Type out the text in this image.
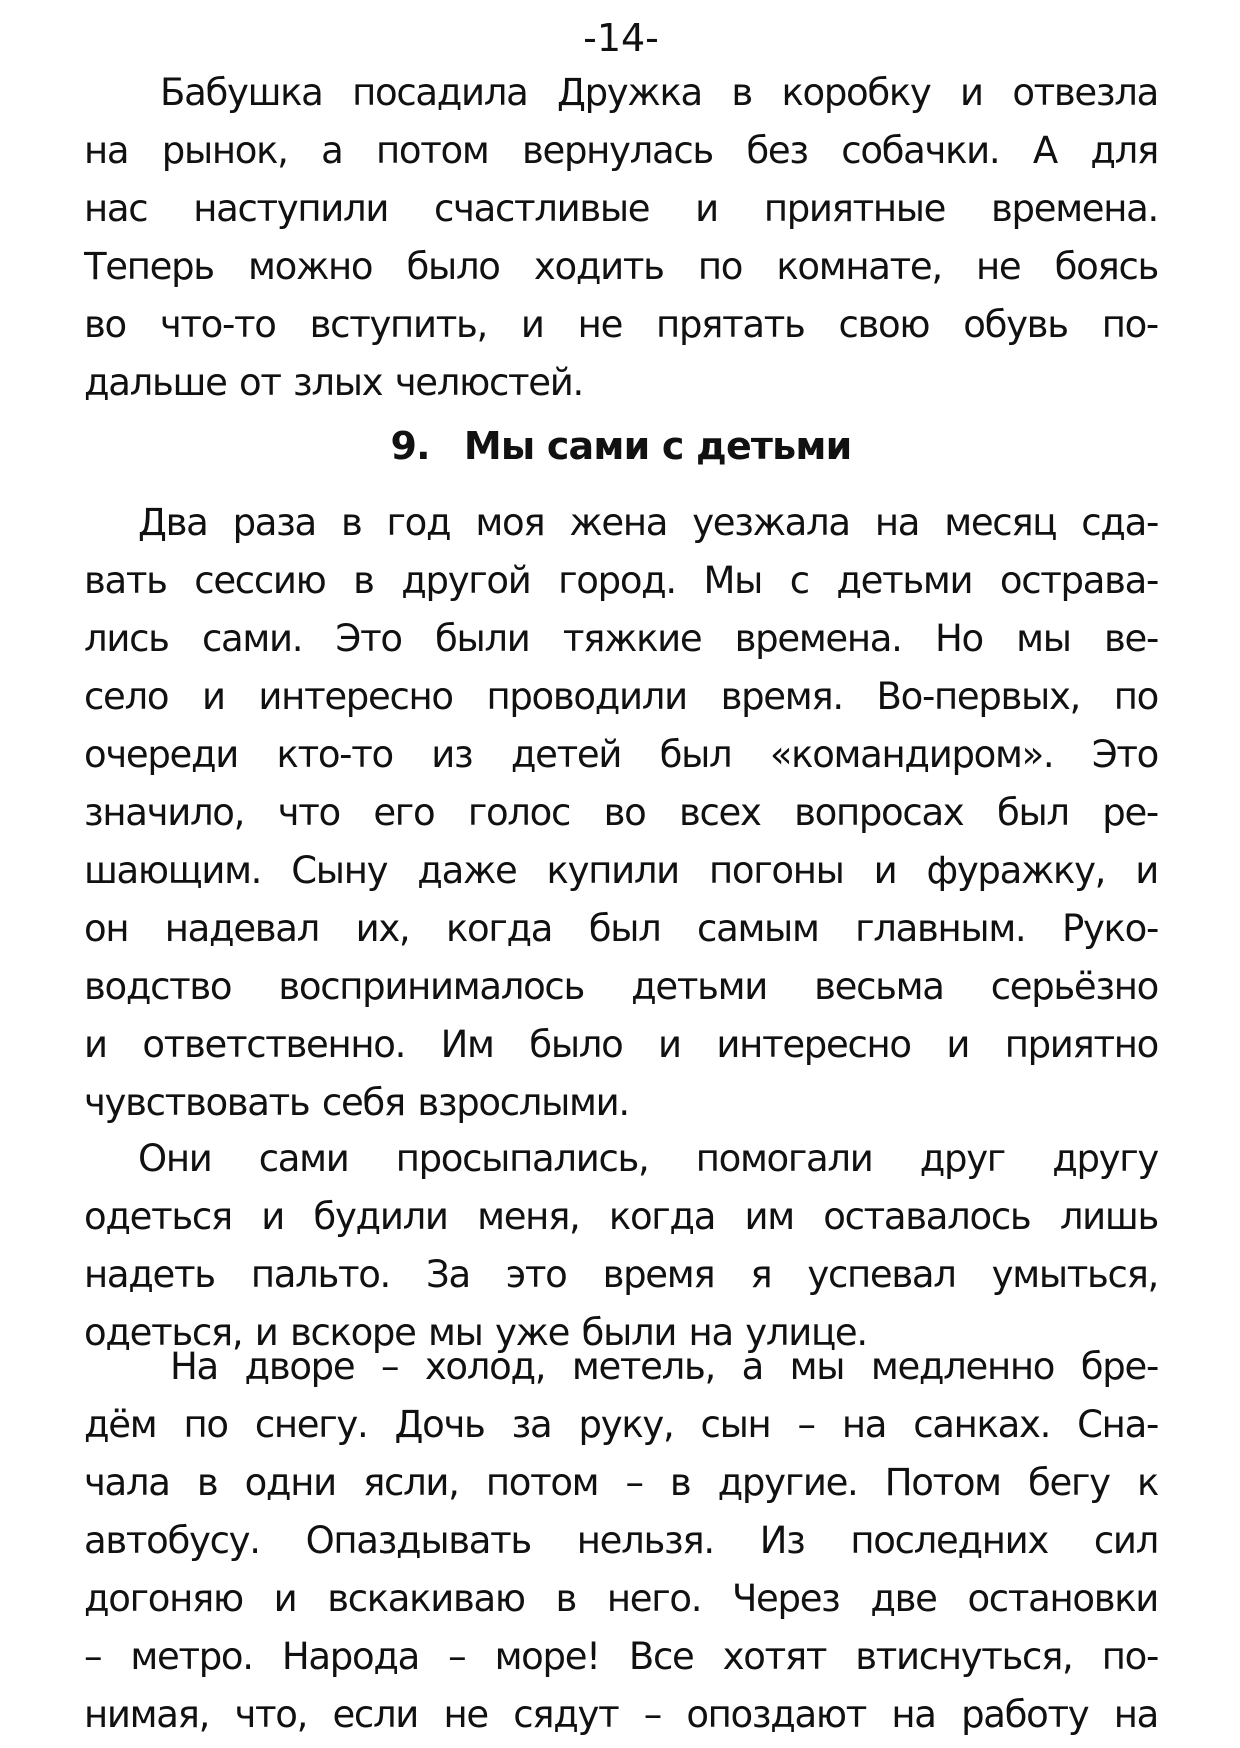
-14-
Бабушка посадила Дружка в коробку и отвезла
на рынок, а потом вернулась без собачки. А для
нас наступили счастливые и приятные времена.
Теперь можно было ходить по комнате, не боясь
во что-то вступить, и не прятать свою обувь по-
дальше от злых челюстей.
9. Мы сами с детьми
Два раза в год моя жена уезжала на месяц сда-
вать сессию в другой город. Мы с детьми острава-
лись сами. Это были тяжкие времена. Но мы ве-
село и интересно проводили время. Во-первых, по
очереди кто-то из детей был «командиром». Это
значило, что его голос во всех вопросах был ре-
шающим. Сыну даже купили погоны и фуражку, и
он надевал их, когда был самым главным. Руко-
водство воспринималось детьми весьма серьёзно
и ответственно. Им было и интересно и приятно
чувствовать себя взрослыми.
Они сами просыпались, помогали друг другу
одеться и будили меня, когда им оставалось лишь
надеть пальто. За это время я успевал умыться,
одеться, и вскоре мы уже были на улице.
На дворе – холод, метель, а мы медленно бре-
дём по снегу. Дочь за руку, сын – на санках. Сна-
чала в одни ясли, потом – в другие. Потом бегу к
автобусу. Опаздывать нельзя. Из последних сил
догоняю и вскакиваю в него. Через две остановки
– метро. Народа – море! Все хотят втиснуться, по-
нимая, что, если не сядут – опоздают на работу на
